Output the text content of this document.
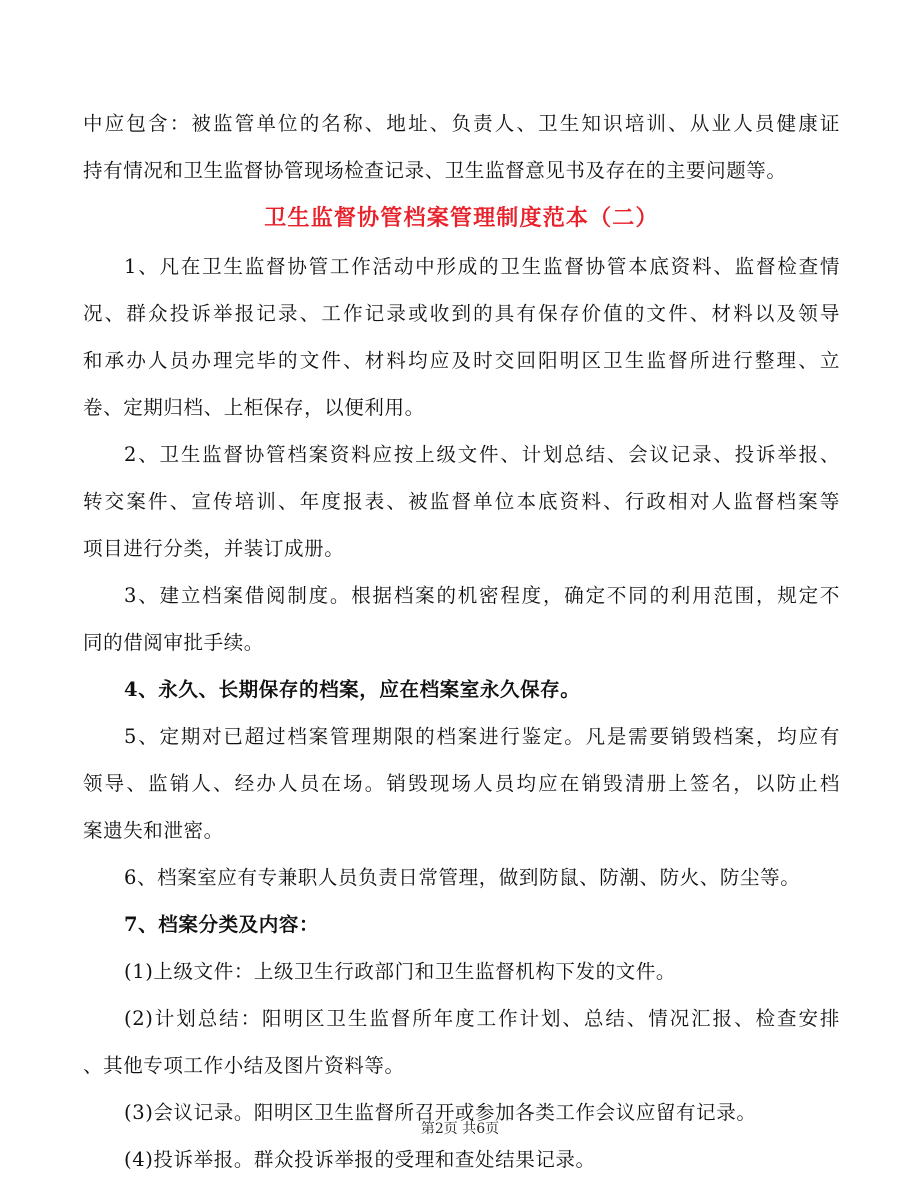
中应包含：被监管单位的名称、地址、负责人、卫生知识培训、从业人员健康证
持有情况和卫生监督协管现场检查记录、卫生监督意见书及存在的主要问题等。
卫生监督协管档案管理制度范本（二）
1、凡在卫生监督协管工作活动中形成的卫生监督协管本底资料、监督检查情
况、群众投诉举报记录、工作记录或收到的具有保存价值的文件、材料以及领导
和承办人员办理完毕的文件、材料均应及时交回阳明区卫生监督所进行整理、立
卷、定期归档、上柜保存，以便利用。
2、卫生监督协管档案资料应按上级文件、计划总结、会议记录、投诉举报、
转交案件、宣传培训、年度报表、被监督单位本底资料、行政相对人监督档案等
项目进行分类，并装订成册。
3、建立档案借阅制度。根据档案的机密程度，确定不同的利用范围，规定不
同的借阅审批手续。
4、永久、长期保存的档案，应在档案室永久保存。
5、定期对已超过档案管理期限的档案进行鉴定。凡是需要销毁档案，均应有
领导、监销人、经办人员在场。销毁现场人员均应在销毁清册上签名，以防止档
案遗失和泄密。
6、档案室应有专兼职人员负责日常管理，做到防鼠、防潮、防火、防尘等。
7、档案分类及内容：
(1)上级文件：上级卫生行政部门和卫生监督机构下发的文件。
(2)计划总结：阳明区卫生监督所年度工作计划、总结、情况汇报、检查安排
、其他专项工作小结及图片资料等。
(3)会议记录。阳明区卫生监督所召开或参加各类工作会议应留有记录。
(4)投诉举报。群众投诉举报的受理和查处结果记录。
第2页 共6页
